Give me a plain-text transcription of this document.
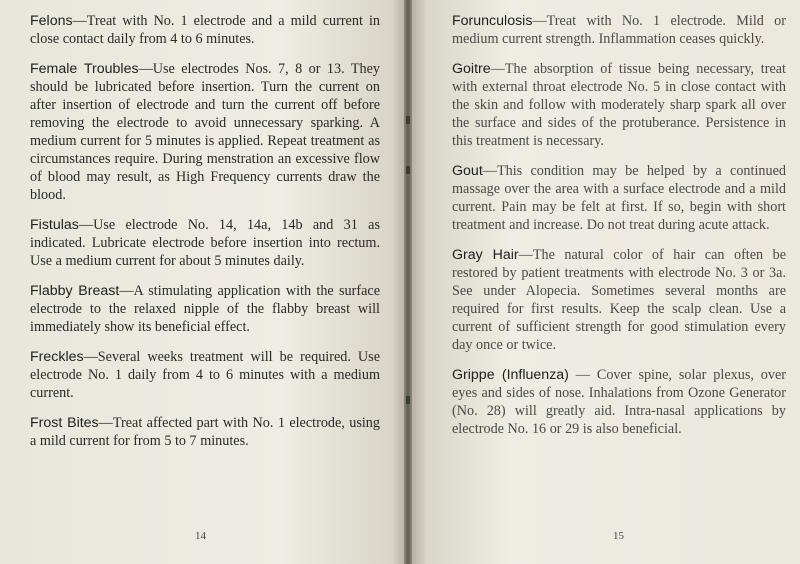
Felons—Treat with No. 1 electrode and a mild current in close contact daily from 4 to 6 minutes.

Female Troubles—Use electrodes Nos. 7, 8 or 13. They should be lubricated before insertion. Turn the current on after insertion of electrode and turn the current off before removing the electrode to avoid unnecessary sparking. A medium current for 5 minutes is applied. Repeat treatment as circumstances require. During menstration an excessive flow of blood may result, as High Frequency currents draw the blood.

Fistulas—Use electrode No. 14, 14a, 14b and 31 as indicated. Lubricate electrode before insertion into rectum. Use a medium current for about 5 minutes daily.

Flabby Breast—A stimulating application with the surface electrode to the relaxed nipple of the flabby breast will immediately show its beneficial effect.

Freckles—Several weeks treatment will be required. Use electrode No. 1 daily from 4 to 6 minutes with a medium current.

Frost Bites—Treat affected part with No. 1 electrode, using a mild current for from 5 to 7 minutes.

14

Forunculosis—Treat with No. 1 electrode. Mild or medium current strength. Inflammation ceases quickly.

Goitre—The absorption of tissue being necessary, treat with external throat electrode No. 5 in close contact with the skin and follow with moderately sharp spark all over the surface and sides of the protuberance. Persistence in this treatment is necessary.

Gout—This condition may be helped by a continued massage over the area with a surface electrode and a mild current. Pain may be felt at first. If so, begin with short treatment and increase. Do not treat during acute attack.

Gray Hair—The natural color of hair can often be restored by patient treatments with electrode No. 3 or 3a. See under Alopecia. Sometimes several months are required for first results. Keep the scalp clean. Use a current of sufficient strength for good stimulation every day once or twice.

Grippe (Influenza) — Cover spine, solar plexus, over eyes and sides of nose. Inhalations from Ozone Generator (No. 28) will greatly aid. Intra-nasal applications by electrode No. 16 or 29 is also beneficial.

15
